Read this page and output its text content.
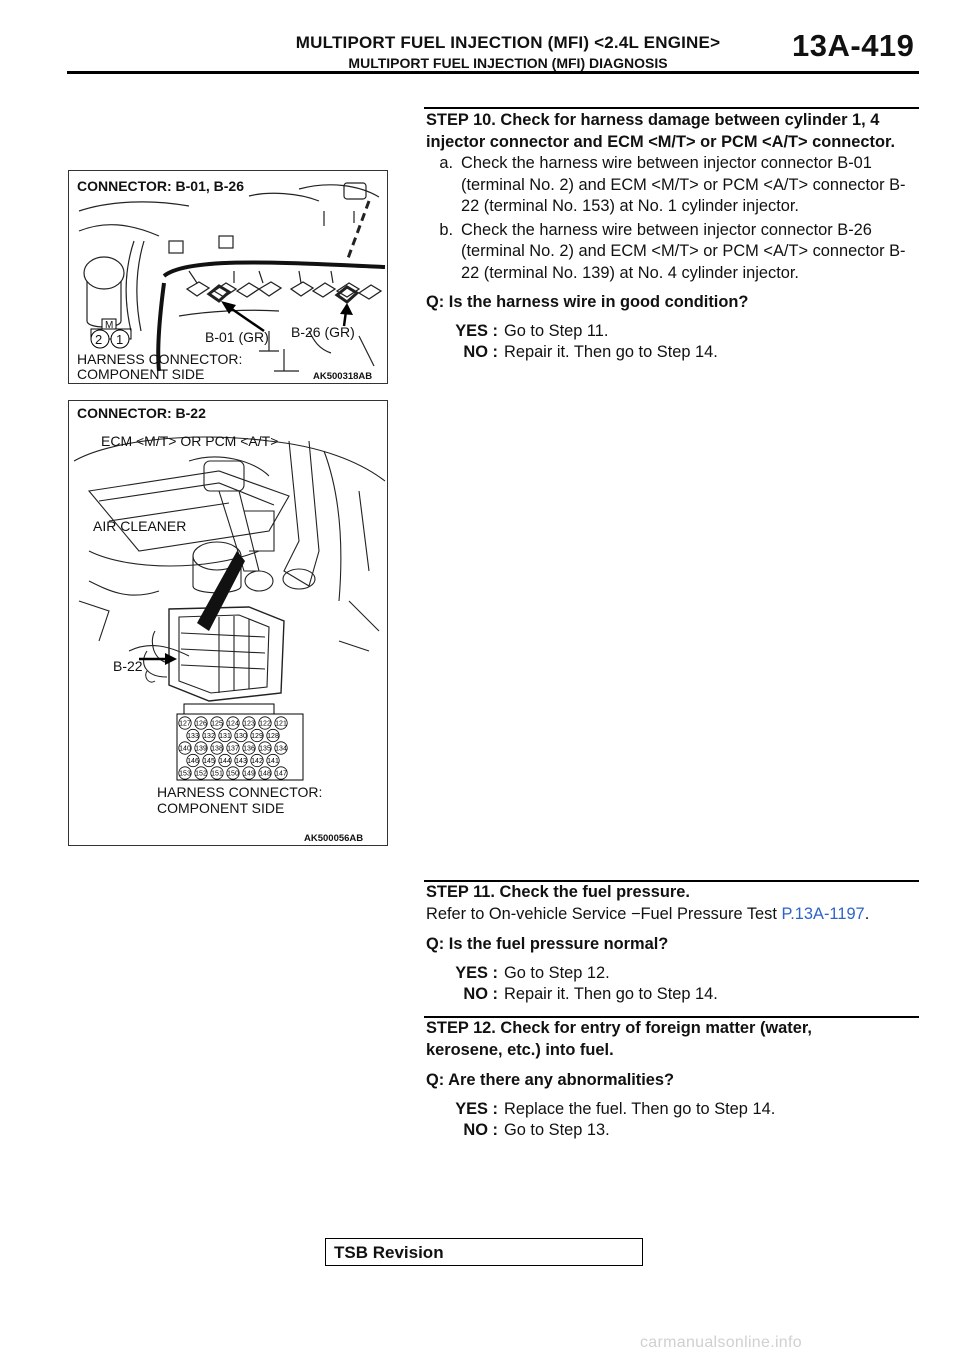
MULTIPORT FUEL INJECTION (MFI) <2.4L ENGINE>
MULTIPORT FUEL INJECTION (MFI) DIAGNOSIS	13A-419
CONNECTOR: B-01, B-26
B-01 (GR) B-26 (GR)
M
2 1
HARNESS CONNECTOR:
COMPONENT SIDE	AK500318AB
127 126 125 124 123 122 121
133 132 131 130 129 128
140 139 138 137 136 135 134
146 145 144 143 142 141
153 152 151 150 149 148 147
CONNECTOR: B-22
ECM <M/T> OR PCM <A/T>
AIR CLEANER
B-22
HARNESS CONNECTOR:
COMPONENT SIDE
AK500056AB
STEP 10. Check for harness damage between cylinder 1, 4 injector connector and ECM <M/T> or PCM <A/T> connector.
a. Check the harness wire between injector connector B-01 (terminal No. 2) and ECM <M/T> or PCM <A/T> connector B-22 (terminal No. 153) at No. 1 cylinder injector.
b. Check the harness wire between injector connector B-26 (terminal No. 2) and ECM <M/T> or PCM <A/T> connector B-22 (terminal No. 139) at No. 4 cylinder injector.
Q: Is the harness wire in good condition?
YES : Go to Step 11.
NO : Repair it. Then go to Step 14.
STEP 11. Check the fuel pressure.
Refer to On-vehicle Service −Fuel Pressure Test P.13A-1197.
Q: Is the fuel pressure normal?
YES : Go to Step 12.
NO : Repair it. Then go to Step 14.
STEP 12. Check for entry of foreign matter (water, kerosene, etc.) into fuel.
Q: Are there any abnormalities?
YES : Replace the fuel. Then go to Step 14.
NO : Go to Step 13.
TSB Revision
carmanualsonline.info
